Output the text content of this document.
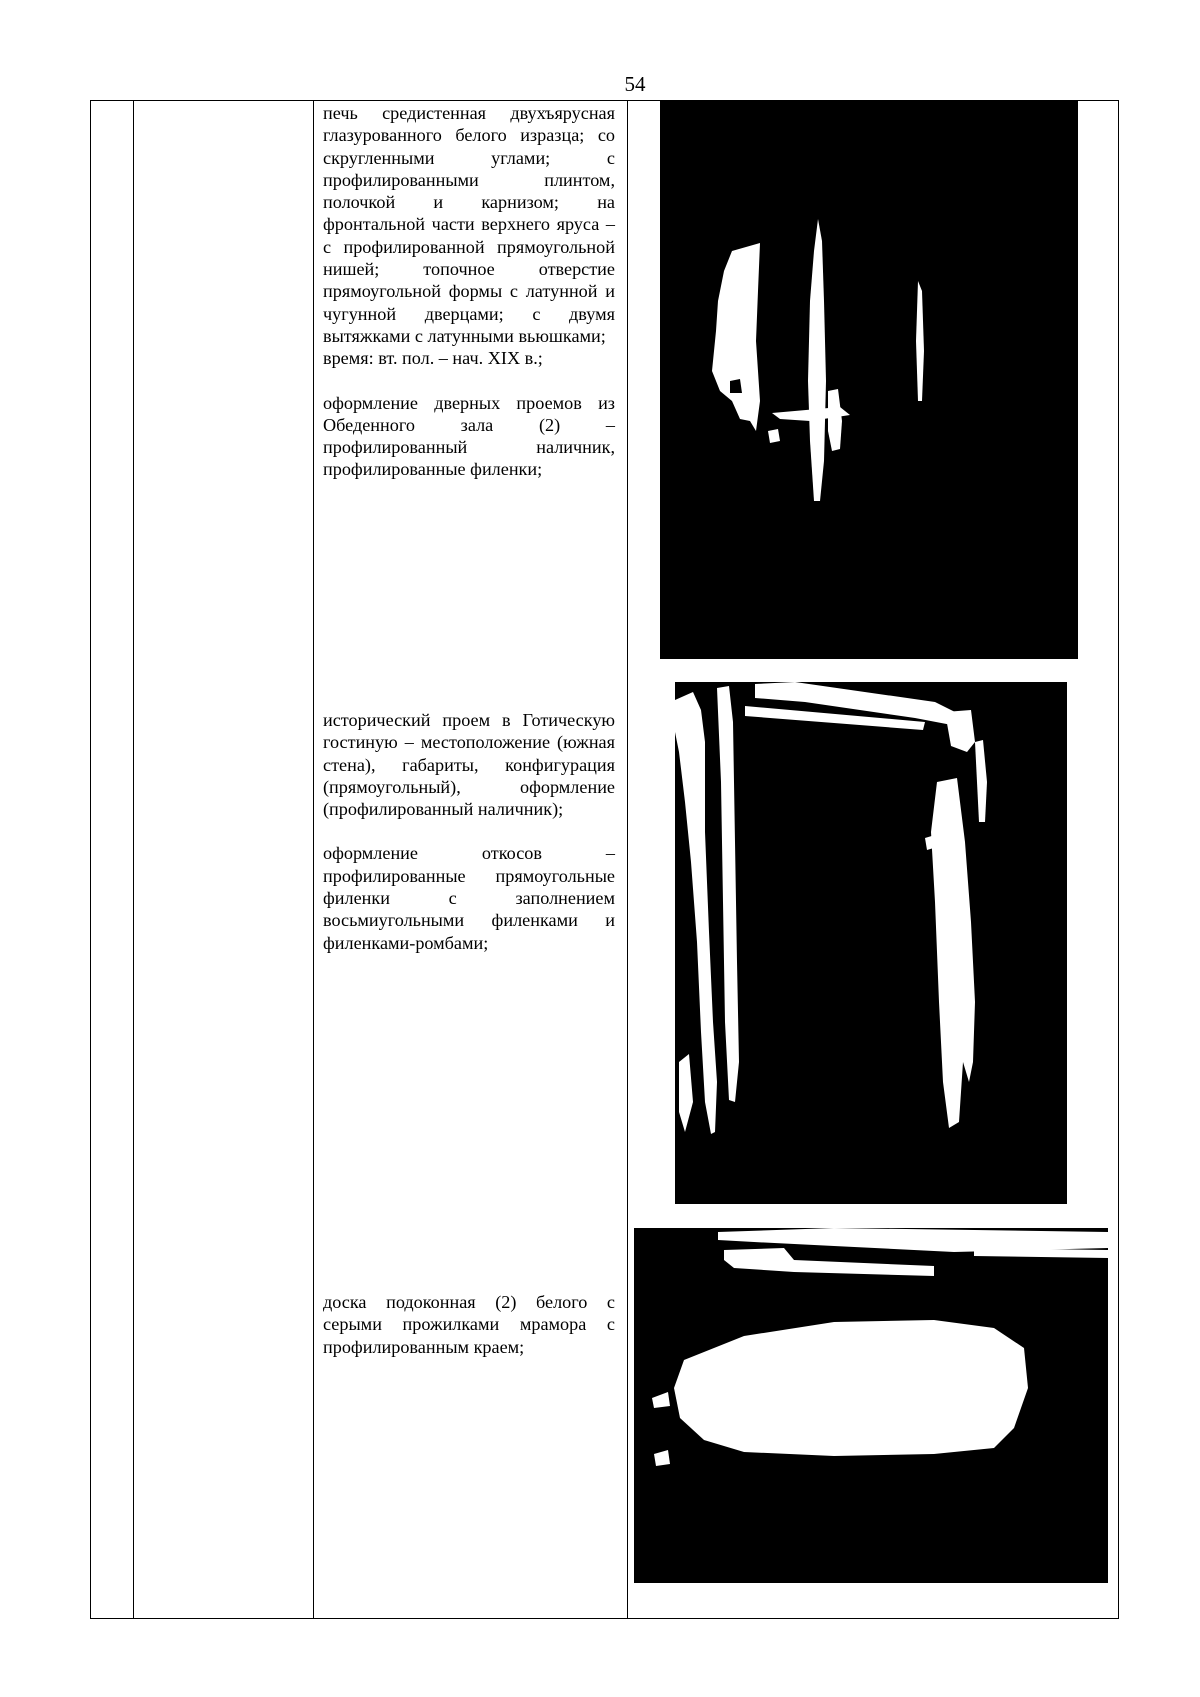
54

печь средистенная двухъярусная глазурованного белого изразца; со скругленными углами; с профилированными плинтом, полочкой и карнизом; на фронтальной части верхнего яруса – с профилированной прямоугольной нишей; топочное отверстие прямоугольной формы с латунной и чугунной дверцами; с двумя вытяжками с латунными вьюшками;

время: вт. пол. – нач. XIX в.;

оформление дверных проемов из Обеденного зала (2) – профилированный наличник, профилированные филенки;

исторический проем в Готическую гостиную – местоположение (южная стена), габариты, конфигурация (прямоугольный), оформление (профилированный наличник);

оформление откосов – профилированные прямоугольные филенки с заполнением восьмиугольными филенками и филенками-ромбами;

доска подоконная (2) белого с серыми прожилками мрамора с профилированным краем;
